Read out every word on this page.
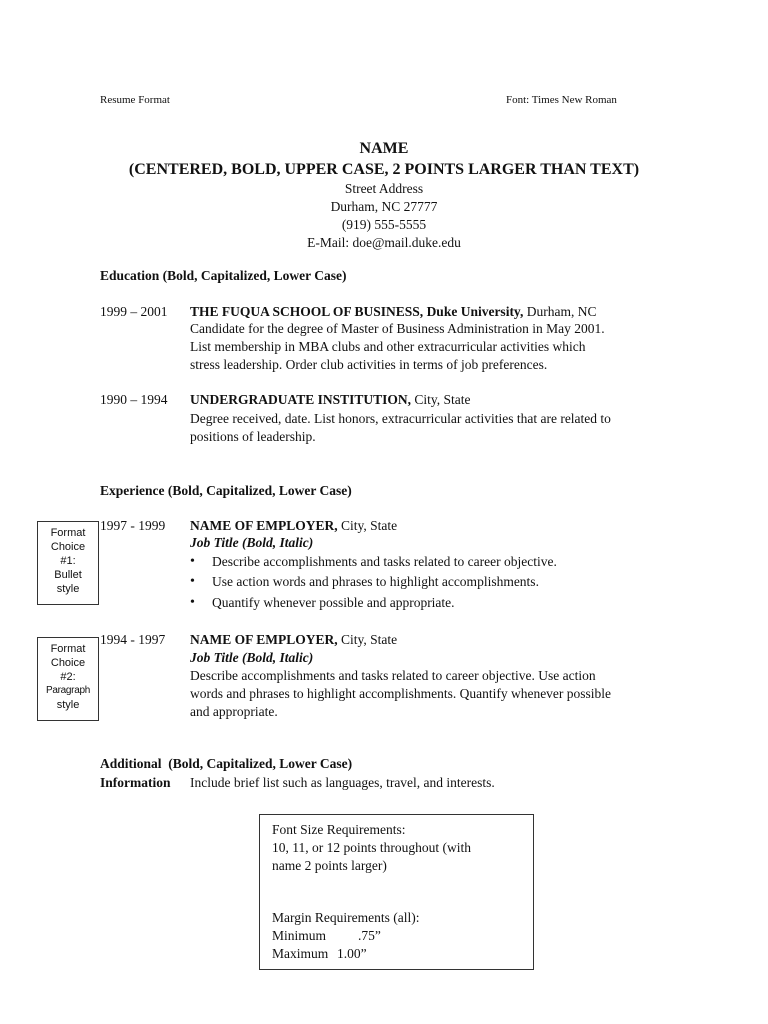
Resume Format	Font: Times New Roman
NAME
(CENTERED, BOLD, UPPER CASE, 2 POINTS LARGER THAN TEXT)
Street Address
Durham, NC 27777
(919) 555-5555
E-Mail: doe@mail.duke.edu
Education (Bold, Capitalized, Lower Case)
1999 – 2001 THE FUQUA SCHOOL OF BUSINESS, Duke University, Durham, NC
Candidate for the degree of Master of Business Administration in May 2001.
List membership in MBA clubs and other extracurricular activities which
stress leadership. Order club activities in terms of job preferences.
1990 – 1994 UNDERGRADUATE INSTITUTION, City, State
Degree received, date. List honors, extracurricular activities that are related to
positions of leadership.
Experience (Bold, Capitalized, Lower Case)
1997 - 1999 NAME OF EMPLOYER, City, State
Job Title (Bold, Italic)
• Describe accomplishments and tasks related to career objective.
• Use action words and phrases to highlight accomplishments.
• Quantify whenever possible and appropriate.
1994 - 1997 NAME OF EMPLOYER, City, State
Job Title (Bold, Italic)
Describe accomplishments and tasks related to career objective. Use action
words and phrases to highlight accomplishments. Quantify whenever possible
and appropriate.
Format
Choice
#1:
Bullet
style
Format
Choice
#2:
Paragraph
style
Additional  (Bold, Capitalized, Lower Case)
Information Include brief list such as languages, travel, and interests.
Font Size Requirements:
10, 11, or 12 points throughout (with
name 2 points larger)
Margin Requirements (all):
Minimum .75”
Maximum 1.00”
